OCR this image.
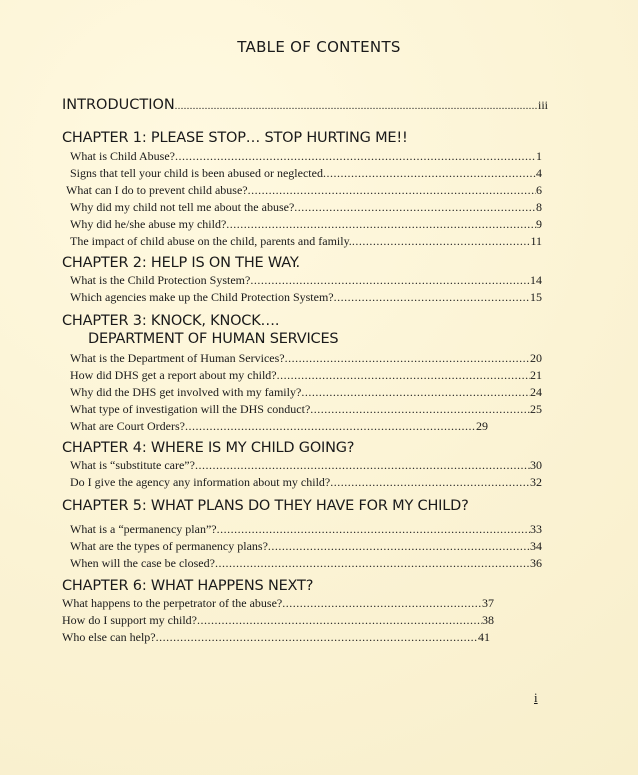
TABLE OF CONTENTS
INTRODUCTION .....	iii
CHAPTER 1: PLEASE STOP… STOP HURTING ME!!
What is Child Abuse? .....	1
Signs that tell your child is been abused or neglected .....	4
What can I do to prevent child abuse? .....	6
Why did my child not tell me about the abuse? .....	8
Why did he/she abuse my child? .....	9
The impact of child abuse on the child, parents and family. .....	11
CHAPTER 2: HELP IS ON THE WAY.
What is the Child Protection System? .....	14
Which agencies make up the Child Protection System? .....	15
CHAPTER 3: KNOCK, KNOCK….
DEPARTMENT OF HUMAN SERVICES
What is the Department of Human Services? .....	20
How did DHS get a report about my child? .....	21
Why did the DHS get involved with my family? .....	24
What type of investigation will the DHS conduct? .....	25
What are Court Orders? .....	29
CHAPTER 4: WHERE IS MY CHILD GOING?
What is “substitute care”? .....	30
Do I give the agency any information about my child? .....	32
CHAPTER 5: WHAT PLANS DO THEY HAVE FOR MY CHILD?
What is a “permanency plan”? .....	33
What are the types of permanency plans? .....	34
When will the case be closed? .....	36
CHAPTER 6: WHAT HAPPENS NEXT?
What happens to the perpetrator of the abuse? .....	37
How do I support my child? .....	38
Who else can help? .....	41
i
